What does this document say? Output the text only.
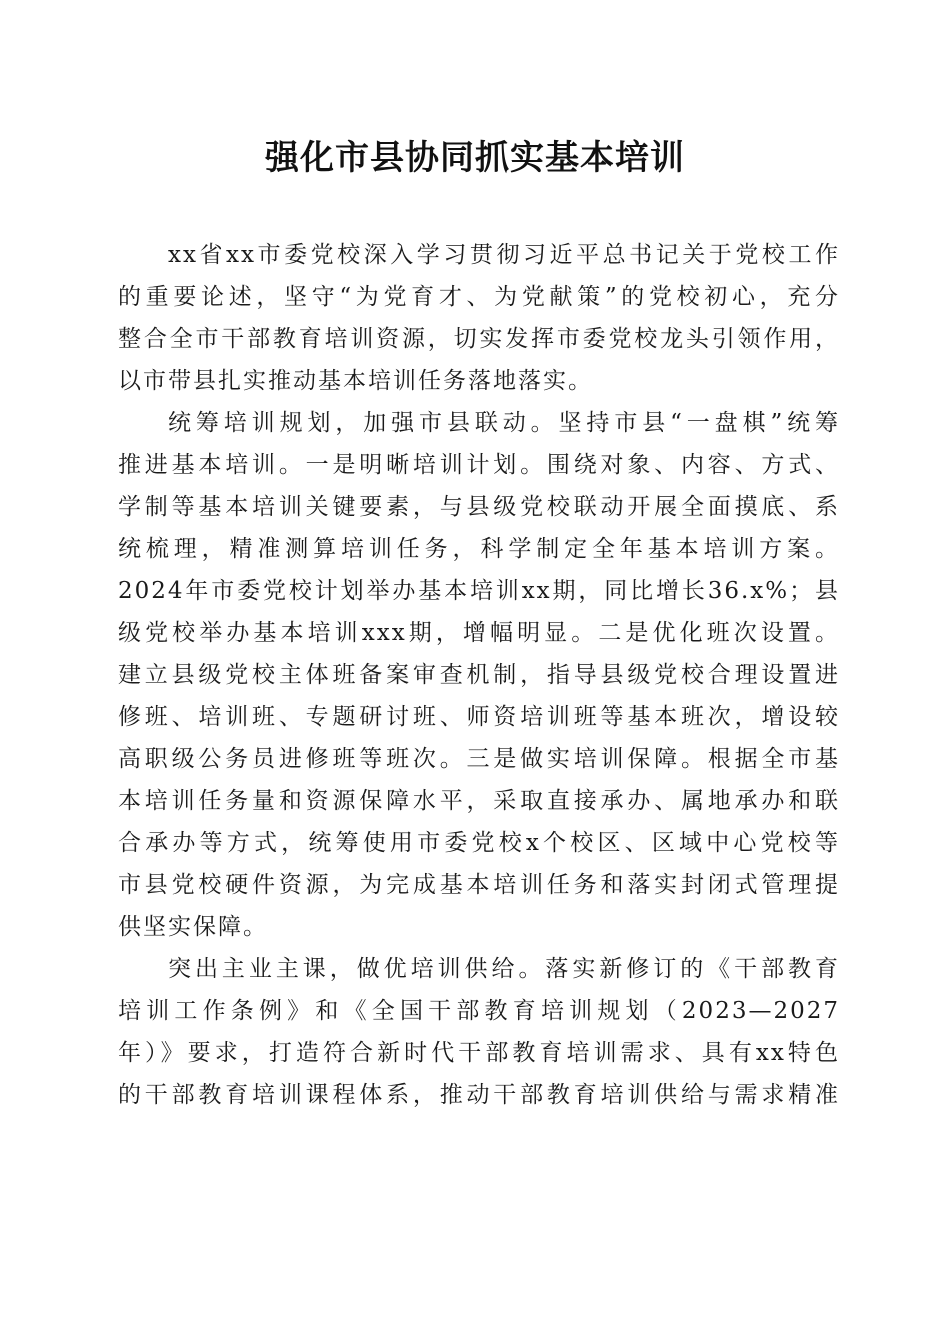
强化市县协同抓实基本培训
xx省xx市委党校深入学习贯彻习近平总书记关于党校工作
的重要论述，坚守“为党育才、为党献策”的党校初心，充分
整合全市干部教育培训资源，切实发挥市委党校龙头引领作用，
以市带县扎实推动基本培训任务落地落实。
统筹培训规划，加强市县联动。坚持市县“一盘棋”统筹
推进基本培训。一是明晰培训计划。围绕对象、内容、方式、
学制等基本培训关键要素，与县级党校联动开展全面摸底、系
统梳理，精准测算培训任务，科学制定全年基本培训方案。
2024年市委党校计划举办基本培训xx期，同比增长36.x%；县
级党校举办基本培训xxx期，增幅明显。二是优化班次设置。
建立县级党校主体班备案审查机制，指导县级党校合理设置进
修班、培训班、专题研讨班、师资培训班等基本班次，增设较
高职级公务员进修班等班次。三是做实培训保障。根据全市基
本培训任务量和资源保障水平，采取直接承办、属地承办和联
合承办等方式，统筹使用市委党校x个校区、区域中心党校等
市县党校硬件资源，为完成基本培训任务和落实封闭式管理提
供坚实保障。
突出主业主课，做优培训供给。落实新修订的《干部教育
培训工作条例》和《全国干部教育培训规划（2023—2027
年）》要求，打造符合新时代干部教育培训需求、具有xx特色
的干部教育培训课程体系，推动干部教育培训供给与需求精准
